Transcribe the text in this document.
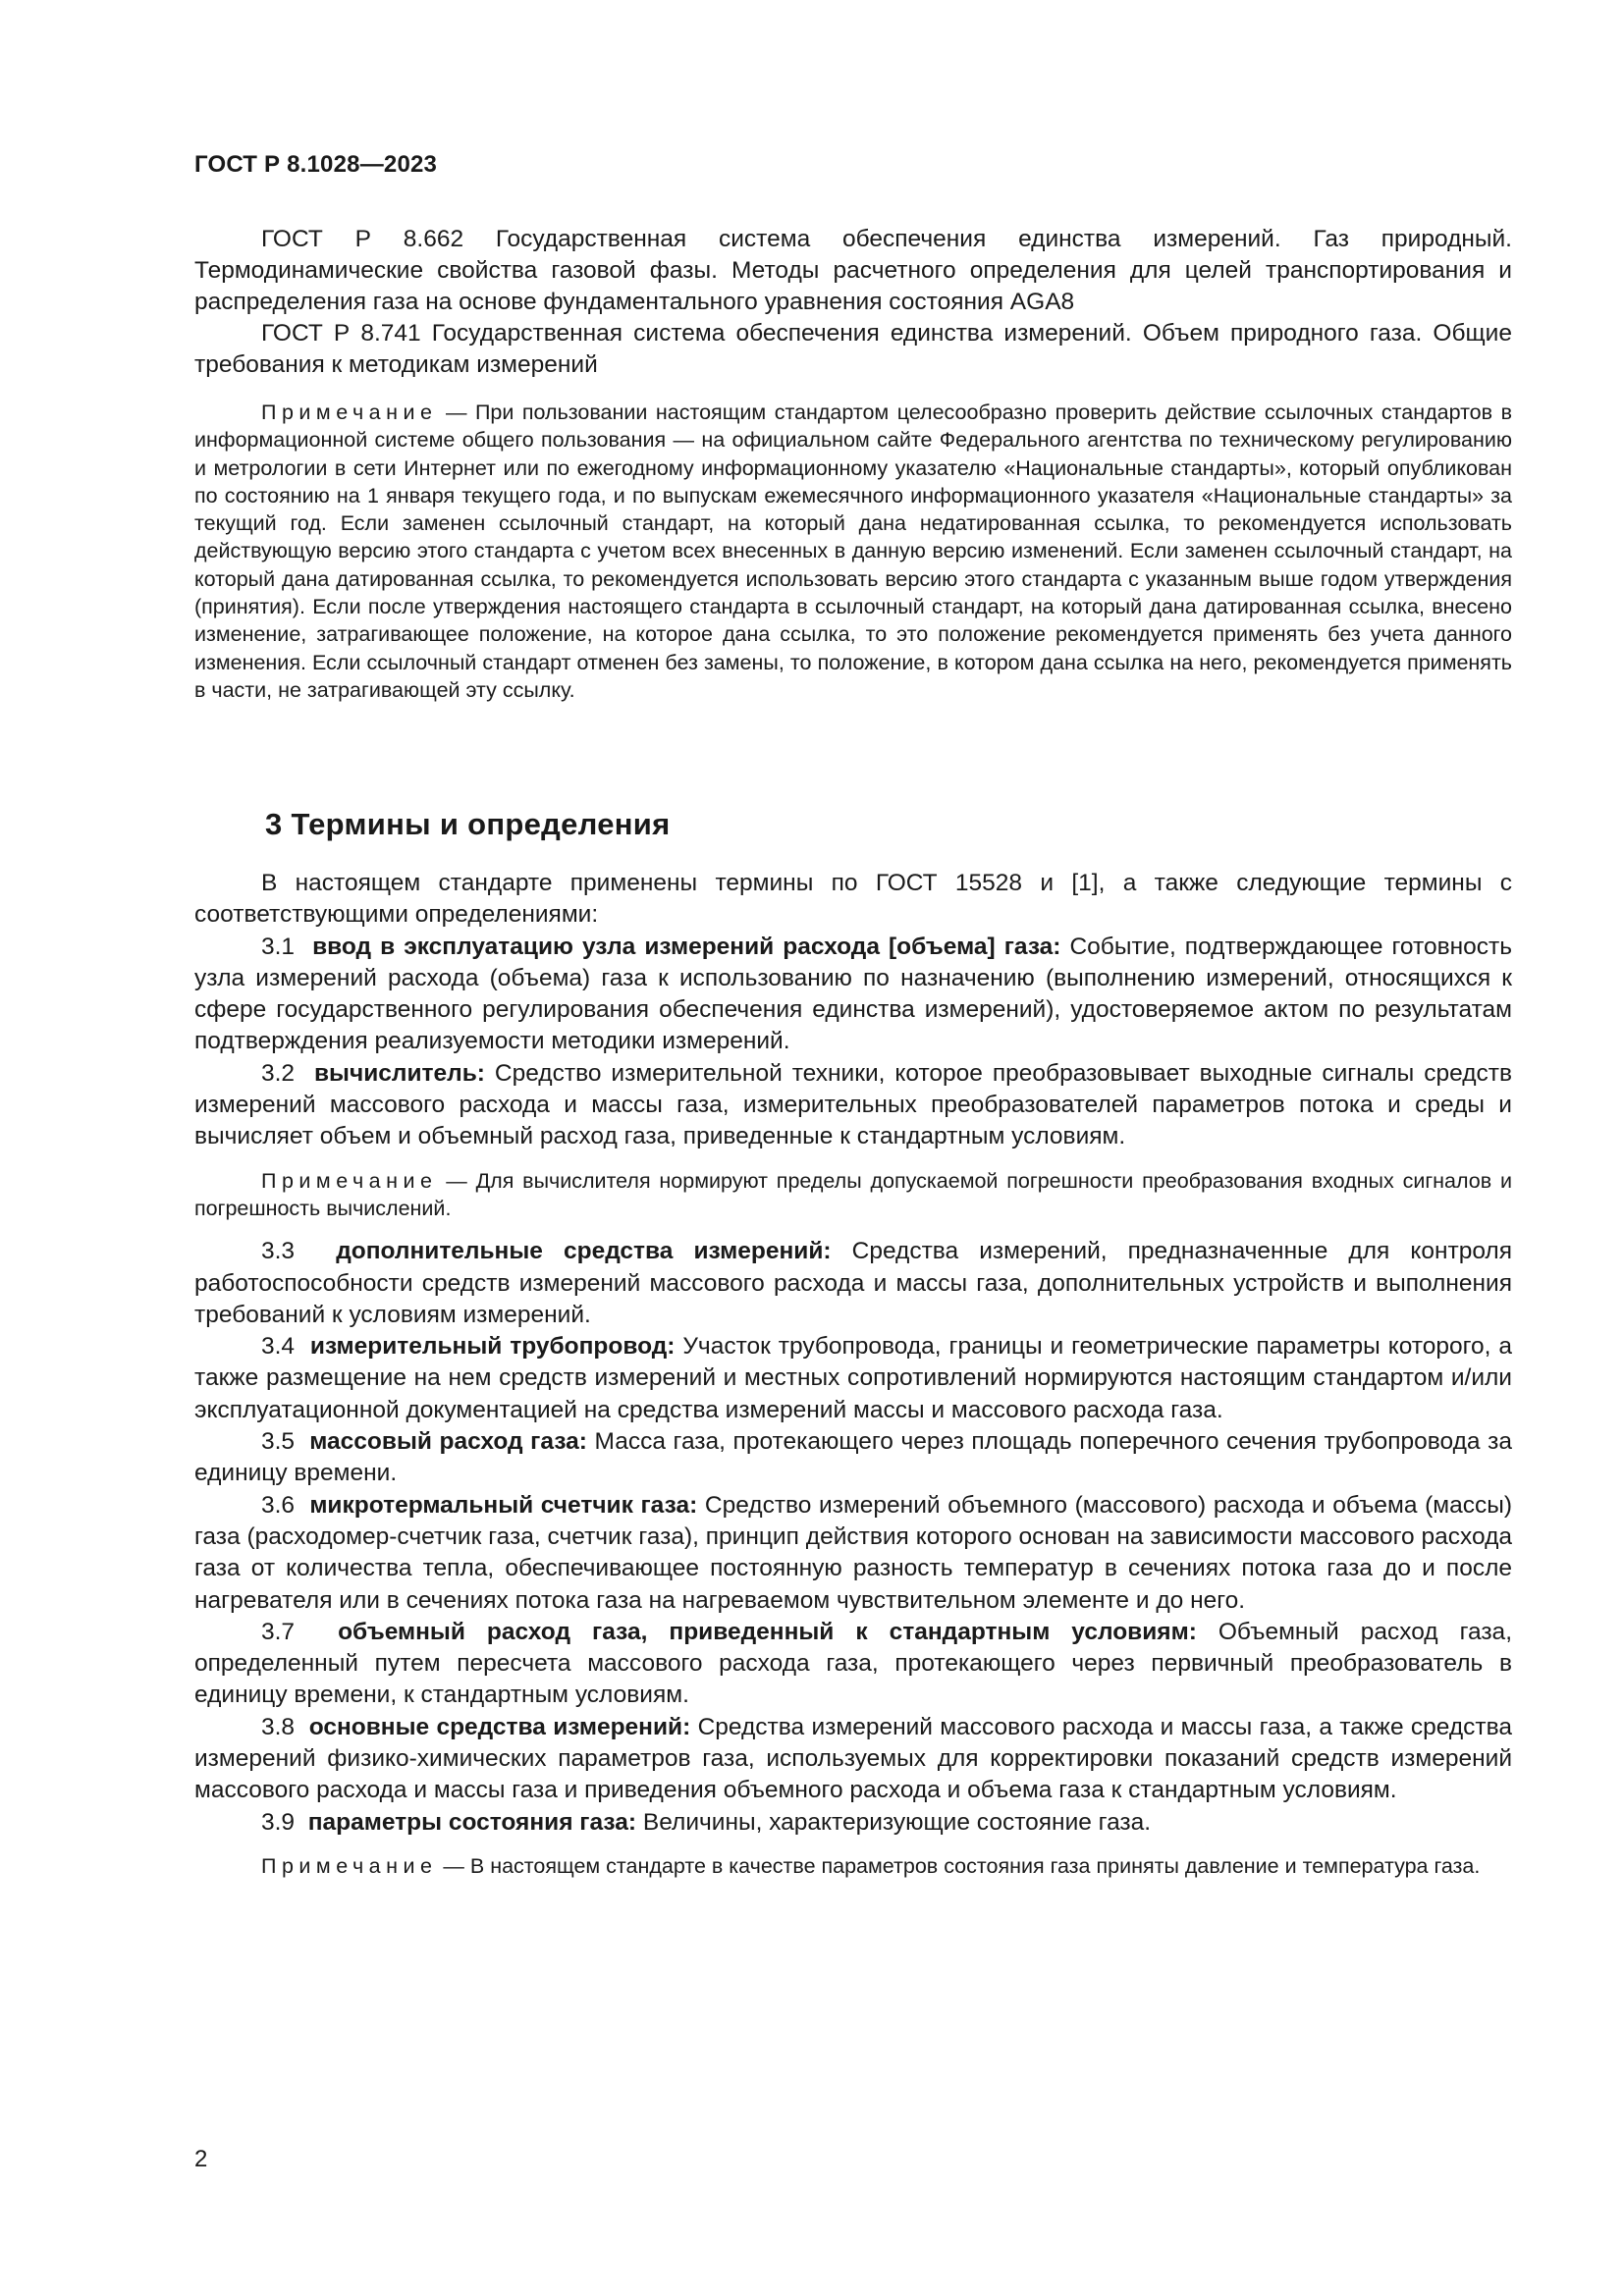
ГОСТ Р 8.1028—2023

ГОСТ Р 8.662 Государственная система обеспечения единства измерений. Газ природный. Термодинамические свойства газовой фазы. Методы расчетного определения для целей транспортирования и распределения газа на основе фундаментального уравнения состояния AGA8

ГОСТ Р 8.741 Государственная система обеспечения единства измерений. Объем природного газа. Общие требования к методикам измерений

Примечание — При пользовании настоящим стандартом целесообразно проверить действие ссылочных стандартов в информационной системе общего пользования — на официальном сайте Федерального агентства по техническому регулированию и метрологии в сети Интернет или по ежегодному информационному указателю «Национальные стандарты», который опубликован по состоянию на 1 января текущего года, и по выпускам ежемесячного информационного указателя «Национальные стандарты» за текущий год. Если заменен ссылочный стандарт, на который дана недатированная ссылка, то рекомендуется использовать действующую версию этого стандарта с учетом всех внесенных в данную версию изменений. Если заменен ссылочный стандарт, на который дана датированная ссылка, то рекомендуется использовать версию этого стандарта с указанным выше годом утверждения (принятия). Если после утверждения настоящего стандарта в ссылочный стандарт, на который дана датированная ссылка, внесено изменение, затрагивающее положение, на которое дана ссылка, то это положение рекомендуется применять без учета данного изменения. Если ссылочный стандарт отменен без замены, то положение, в котором дана ссылка на него, рекомендуется применять в части, не затрагивающей эту ссылку.

3 Термины и определения

В настоящем стандарте применены термины по ГОСТ 15528 и [1], а также следующие термины с соответствующими определениями:

3.1 ввод в эксплуатацию узла измерений расхода [объема] газа: Событие, подтверждающее готовность узла измерений расхода (объема) газа к использованию по назначению (выполнению измерений, относящихся к сфере государственного регулирования обеспечения единства измерений), удостоверяемое актом по результатам подтверждения реализуемости методики измерений.

3.2 вычислитель: Средство измерительной техники, которое преобразовывает выходные сигналы средств измерений массового расхода и массы газа, измерительных преобразователей параметров потока и среды и вычисляет объем и объемный расход газа, приведенные к стандартным условиям.

Примечание — Для вычислителя нормируют пределы допускаемой погрешности преобразования входных сигналов и погрешность вычислений.

3.3 дополнительные средства измерений: Средства измерений, предназначенные для контроля работоспособности средств измерений массового расхода и массы газа, дополнительных устройств и выполнения требований к условиям измерений.

3.4 измерительный трубопровод: Участок трубопровода, границы и геометрические параметры которого, а также размещение на нем средств измерений и местных сопротивлений нормируются настоящим стандартом и/или эксплуатационной документацией на средства измерений массы и массового расхода газа.

3.5 массовый расход газа: Масса газа, протекающего через площадь поперечного сечения трубопровода за единицу времени.

3.6 микротермальный счетчик газа: Средство измерений объемного (массового) расхода и объема (массы) газа (расходомер-счетчик газа, счетчик газа), принцип действия которого основан на зависимости массового расхода газа от количества тепла, обеспечивающее постоянную разность температур в сечениях потока газа до и после нагревателя или в сечениях потока газа на нагреваемом чувствительном элементе и до него.

3.7 объемный расход газа, приведенный к стандартным условиям: Объемный расход газа, определенный путем пересчета массового расхода газа, протекающего через первичный преобразователь в единицу времени, к стандартным условиям.

3.8 основные средства измерений: Средства измерений массового расхода и массы газа, а также средства измерений физико-химических параметров газа, используемых для корректировки показаний средств измерений массового расхода и массы газа и приведения объемного расхода и объема газа к стандартным условиям.

3.9 параметры состояния газа: Величины, характеризующие состояние газа.

Примечание — В настоящем стандарте в качестве параметров состояния газа приняты давление и температура газа.

2
